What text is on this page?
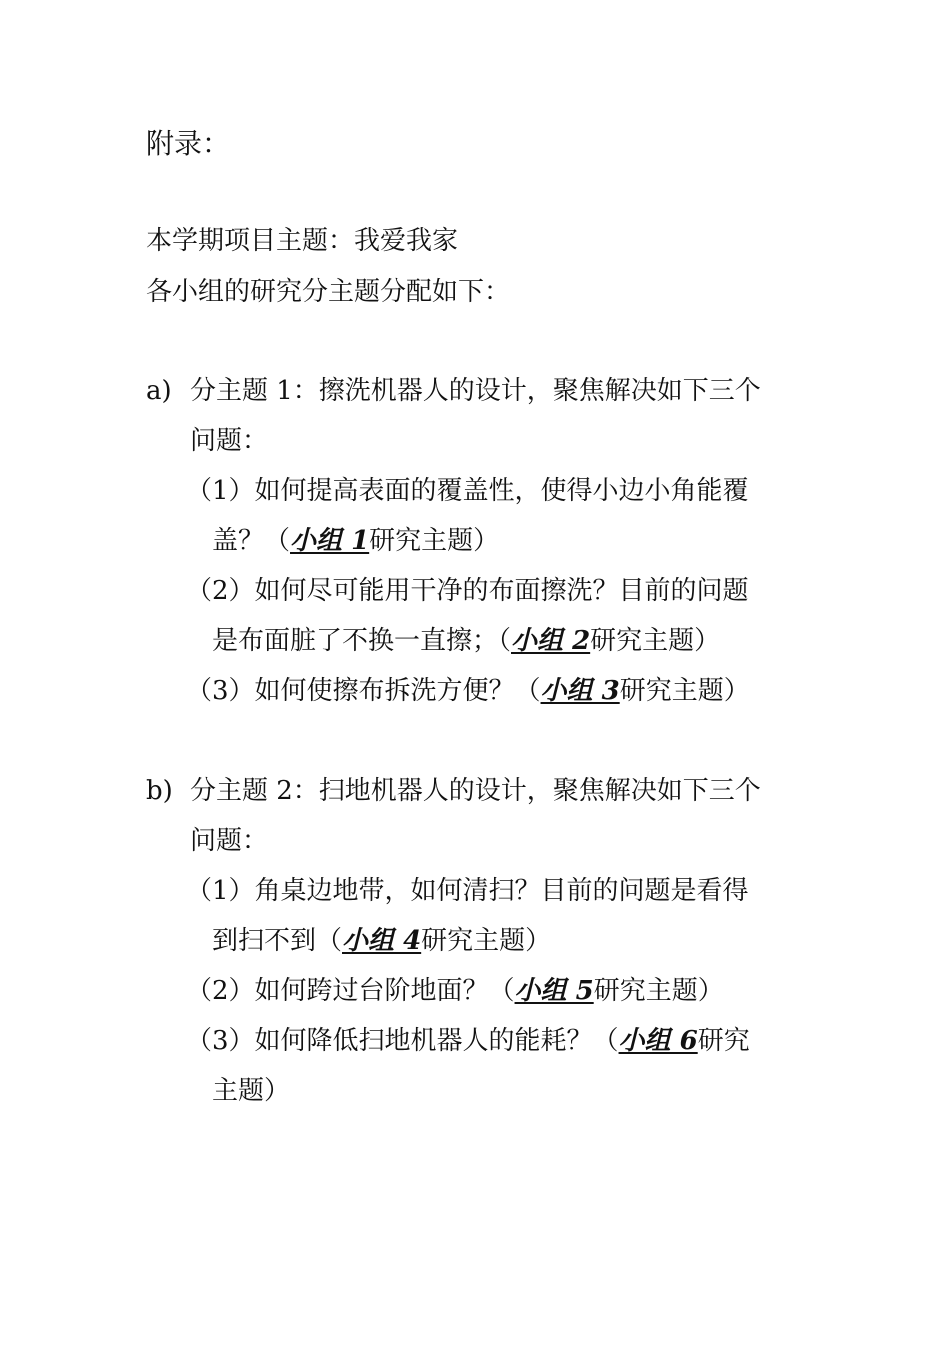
附录：
本学期项目主题：我爱我家
各小组的研究分主题分配如下：
a) 分主题 1：擦洗机器人的设计，聚焦解决如下三个
问题：
（1）如何提高表面的覆盖性，使得小边小角能覆
盖？（小组 1研究主题）
（2）如何尽可能用干净的布面擦洗？目前的问题
是布面脏了不换一直擦；（小组 2研究主题）
（3）如何使擦布拆洗方便？（小组 3研究主题）
b) 分主题 2：扫地机器人的设计，聚焦解决如下三个
问题：
（1）角桌边地带，如何清扫？目前的问题是看得
到扫不到（小组 4研究主题）
（2）如何跨过台阶地面？（小组 5研究主题）
（3）如何降低扫地机器人的能耗？（小组 6研究
主题）
